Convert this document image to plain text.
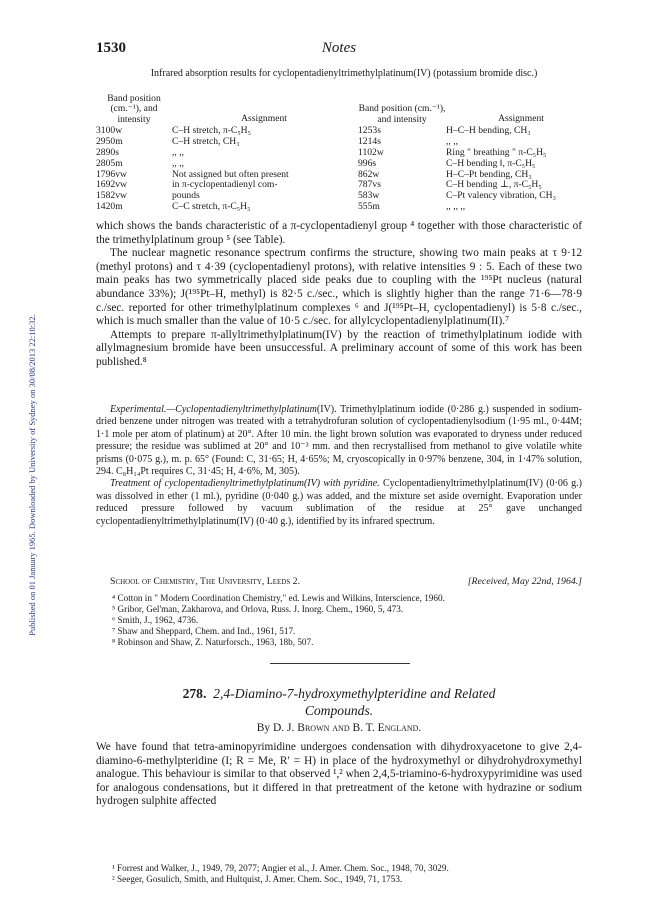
Published on 01 January 1965. Downloaded by University of Sydney on 30/08/2013 22:10:32.
1530	Notes
Infrared absorption results for cyclopentadienyltrimethylplatinum(IV) (potassium bromide disc.)
Band position (cm.⁻¹), and intensity	Assignment
3100w	C–H stretch, π-C₅H₅
2950m	C–H stretch, CH₃
2890s	,, ,,
2805m	,, ,,
1796vw	Not assigned but often present
1692vw	in π-cyclopentadienyl com-
1582vw	pounds
1420m	C–C stretch, π-C₅H₅
Band position (cm.⁻¹), and intensity	Assignment
1253s	H–C–H bending, CH₃
1214s	,, ,,
1102w	Ring " breathing " π-C₅H₅
996s	C–H bending ‖, π-C₅H₅
862w	H–C–Pt bending, CH₃
787vs	C–H bending ⊥, π-C₅H₅
583w	C–Pt valency vibration, CH₃
555m	,, ,, ,,

which shows the bands characteristic of a π-cyclopentadienyl group ⁴ together with those characteristic of the trimethylplatinum group ⁵ (see Table).

The nuclear magnetic resonance spectrum confirms the structure, showing two main peaks at τ 9·12 (methyl protons) and τ 4·39 (cyclopentadienyl protons), with relative intensities 9 : 5. Each of these two main peaks has two symmetrically placed side peaks due to coupling with the ¹⁹⁵Pt nucleus (natural abundance 33%); J(¹⁹⁵Pt–H, methyl) is 82·5 c./sec., which is slightly higher than the range 71·6—78·9 c./sec. reported for other trimethylplatinum complexes ⁶ and J(¹⁹⁵Pt–H, cyclopentadienyl) is 5·8 c./sec., which is much smaller than the value of 10·5 c./sec. for allylcyclopentadienylplatinum(II).⁷

Attempts to prepare π-allyltrimethylplatinum(IV) by the reaction of trimethylplatinum iodide with allylmagnesium bromide have been unsuccessful. A preliminary account of some of this work has been published.⁸

Experimental.—Cyclopentadienyltrimethylplatinum(IV). Trimethylplatinum iodide (0·286 g.) suspended in sodium-dried benzene under nitrogen was treated with a tetrahydrofuran solution of cyclopentadienylsodium (1·95 ml., 0·44M; 1·1 mole per atom of platinum) at 20°. After 10 min. the light brown solution was evaporated to dryness under reduced pressure; the residue was sublimed at 20° and 10⁻³ mm. and then recrystallised from methanol to give volatile white prisms (0·075 g.), m. p. 65° (Found: C, 31·65; H, 4·65%; M, cryoscopically in 0·97% benzene, 304, in 1·47% solution, 294. C₈H₁₄Pt requires C, 31·45; H, 4·6%, M, 305).

Treatment of cyclopentadienyltrimethylplatinum(IV) with pyridine. Cyclopentadienyltrimethylplatinum(IV) (0·06 g.) was dissolved in ether (1 ml.), pyridine (0·040 g.) was added, and the mixture set aside overnight. Evaporation under reduced pressure followed by vacuum sublimation of the residue at 25° gave unchanged cyclopentadienyltrimethylplatinum(IV) (0·40 g.), identified by its infrared spectrum.

School of Chemistry, The University, Leeds 2.	[Received, May 22nd, 1964.]
⁴ Cotton in " Modern Coordination Chemistry," ed. Lewis and Wilkins, Interscience, 1960.
⁵ Gribor, Gel'man, Zakharova, and Orlova, Russ. J. Inorg. Chem., 1960, 5, 473.
⁶ Smith, J., 1962, 4736.
⁷ Shaw and Sheppard, Chem. and Ind., 1961, 517.
⁸ Robinson and Shaw, Z. Naturforsch., 1963, 18b, 507.
278. 2,4-Diamino-7-hydroxymethylpteridine and Related
Compounds.
By D. J. Brown and B. T. England.

We have found that tetra-aminopyrimidine undergoes condensation with dihydroxyacetone to give 2,4-diamino-6-methylpteridine (I; R = Me, R′ = H) in place of the hydroxymethyl or dihydrohydroxymethyl analogue. This behaviour is similar to that observed ¹,² when 2,4,5-triamino-6-hydroxypyrimidine was used for analogous condensations, but it differed in that pretreatment of the ketone with hydrazine or sodium hydrogen sulphite affected

¹ Forrest and Walker, J., 1949, 79, 2077; Angier et al., J. Amer. Chem. Soc., 1948, 70, 3029.
² Seeger, Gosulich, Smith, and Hultquist, J. Amer. Chem. Soc., 1949, 71, 1753.
